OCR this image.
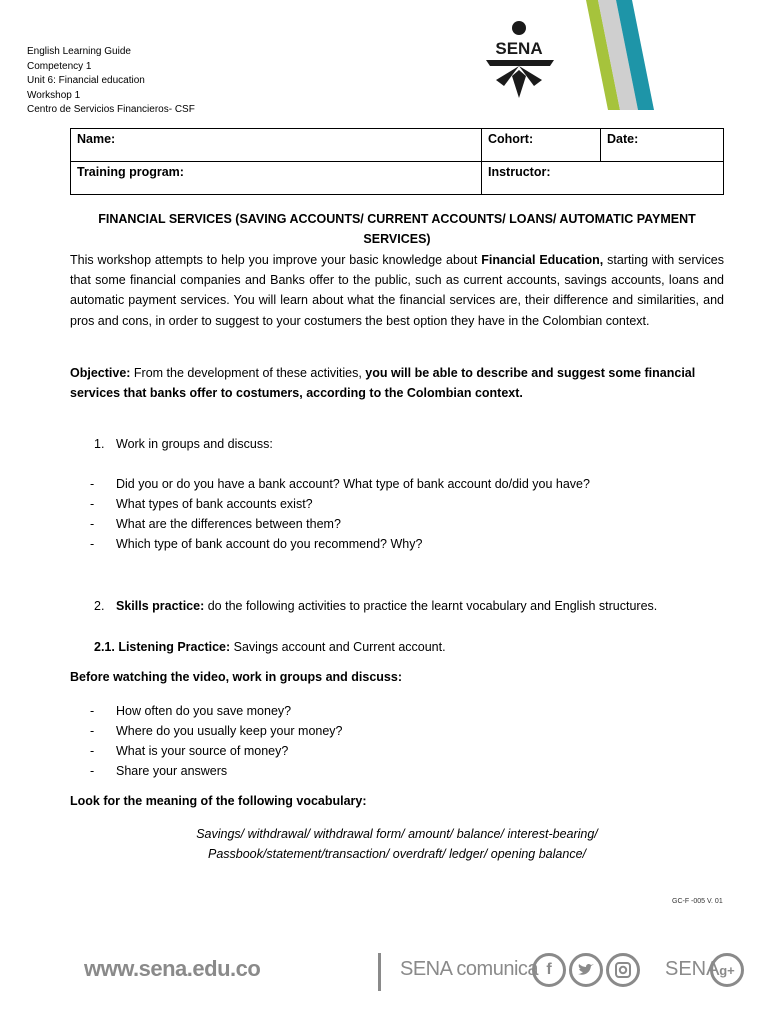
English Learning Guide
Competency 1
Unit 6: Financial education
Workshop 1
Centro de Servicios Financieros- CSF
SENA
Name:	Cohort:	Date:
Training program:	Instructor:	
FINANCIAL SERVICES (SAVING ACCOUNTS/ CURRENT ACCOUNTS/ LOANS/ AUTOMATIC PAYMENT
SERVICES)
This workshop attempts to help you improve your basic knowledge about Financial Education, starting with services that some financial companies and Banks offer to the public, such as current accounts, savings accounts, loans and automatic payment services. You will learn about what the financial services are, their difference and similarities, and pros and cons, in order to suggest to your costumers the best option they have in the Colombian context.
Objective: From the development of these activities, you will be able to describe and suggest some financial services that banks offer to costumers, according to the Colombian context.
1. Work in groups and discuss:
- Did you or do you have a bank account? What type of bank account do/did you have?
- What types of bank accounts exist?
- What are the differences between them?
- Which type of bank account do you recommend? Why?
2. Skills practice: do the following activities to practice the learnt vocabulary and English structures.
2.1. Listening Practice: Savings account and Current account.
Before watching the video, work in groups and discuss:
- How often do you save money?
- Where do you usually keep your money?
- What is your source of money?
- Share your answers
Look for the meaning of the following vocabulary:
Savings/ withdrawal/ withdrawal form/ amount/ balance/ interest-bearing/
Passbook/statement/transaction/ overdraft/ ledger/ opening balance/
GC-F -005 V. 01
www.sena.edu.co	SENA comunica f	SENA g+
